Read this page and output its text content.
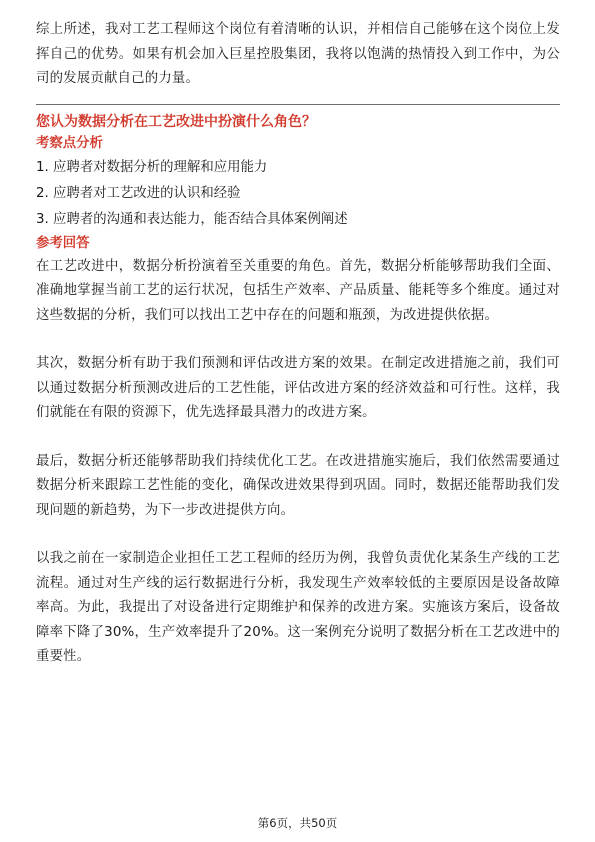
综上所述，我对工艺工程师这个岗位有着清晰的认识，并相信自己能够在这个岗位上发挥自己的优势。如果有机会加入巨星控股集团，我将以饱满的热情投入到工作中，为公司的发展贡献自己的力量。

您认为数据分析在工艺改进中扮演什么角色？

考察点分析

1. 应聘者对数据分析的理解和应用能力
2. 应聘者对工艺改进的认识和经验
3. 应聘者的沟通和表达能力，能否结合具体案例阐述

参考回答

在工艺改进中，数据分析扮演着至关重要的角色。首先，数据分析能够帮助我们全面、准确地掌握当前工艺的运行状况，包括生产效率、产品质量、能耗等多个维度。通过对这些数据的分析，我们可以找出工艺中存在的问题和瓶颈，为改进提供依据。

其次，数据分析有助于我们预测和评估改进方案的效果。在制定改进措施之前，我们可以通过数据分析预测改进后的工艺性能，评估改进方案的经济效益和可行性。这样，我们就能在有限的资源下，优先选择最具潜力的改进方案。

最后，数据分析还能够帮助我们持续优化工艺。在改进措施实施后，我们依然需要通过数据分析来跟踪工艺性能的变化，确保改进效果得到巩固。同时，数据还能帮助我们发现问题的新趋势，为下一步改进提供方向。

以我之前在一家制造企业担任工艺工程师的经历为例，我曾负责优化某条生产线的工艺流程。通过对生产线的运行数据进行分析，我发现生产效率较低的主要原因是设备故障率高。为此，我提出了对设备进行定期维护和保养的改进方案。实施该方案后，设备故障率下降了30%，生产效率提升了20%。这一案例充分说明了数据分析在工艺改进中的重要性。

第6页，共50页
